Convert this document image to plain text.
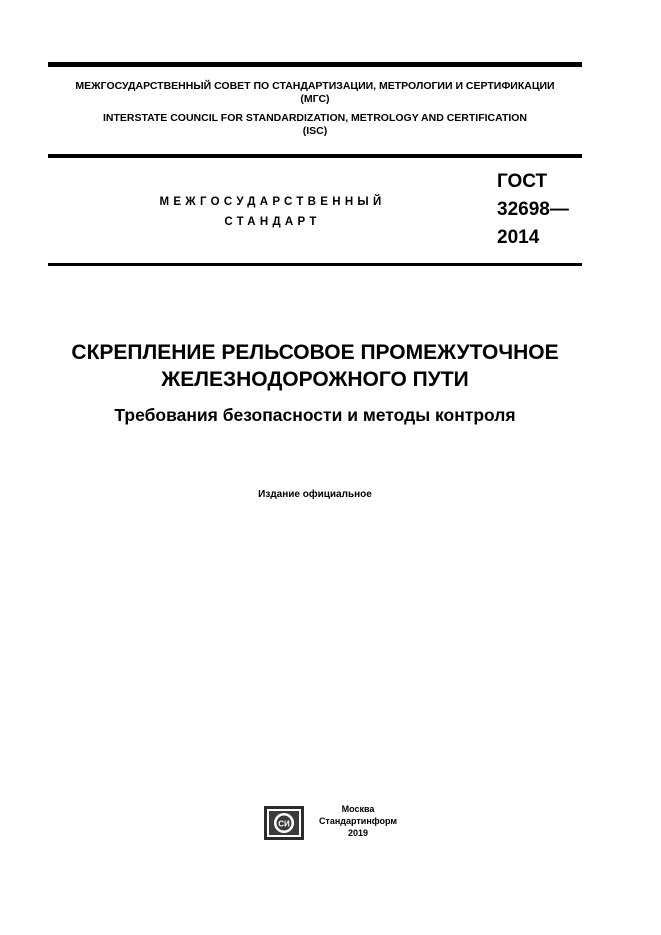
МЕЖГОСУДАРСТВЕННЫЙ СОВЕТ ПО СТАНДАРТИЗАЦИИ, МЕТРОЛОГИИ И СЕРТИФИКАЦИИ
(МГС)
INTERSTATE COUNCIL FOR STANDARDIZATION, METROLOGY AND CERTIFICATION
(ISC)
МЕЖГОСУДАРСТВЕННЫЙ
СТАНДАРТ
ГОСТ
32698—
2014
СКРЕПЛЕНИЕ РЕЛЬСОВОЕ ПРОМЕЖУТОЧНОЕ
ЖЕЛЕЗНОДОРОЖНОГО ПУТИ
Требования безопасности и методы контроля
Издание официальное
СИ
Москва
Стандартинформ
2019
